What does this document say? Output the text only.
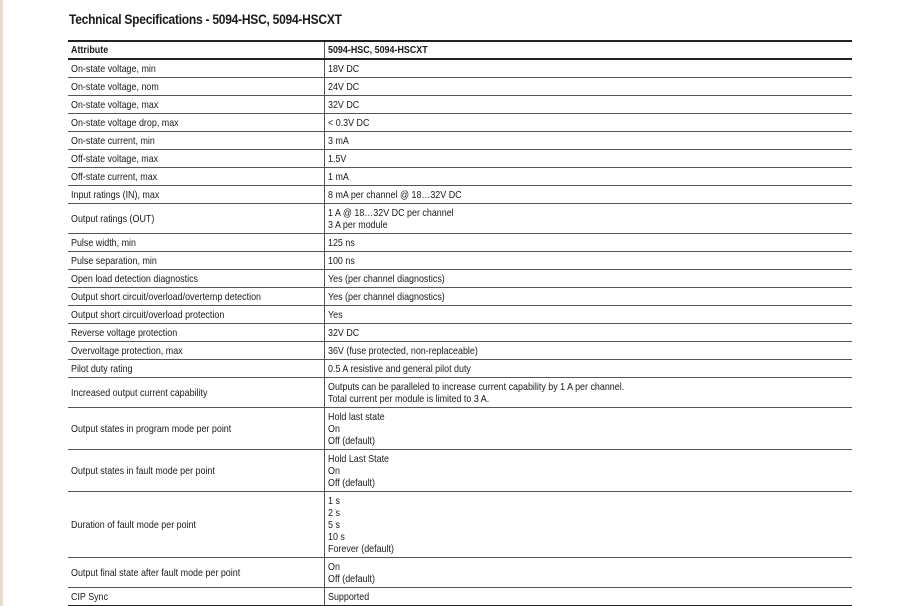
Technical Specifications - 5094-HSC, 5094-HSCXT
Attribute	5094-HSC, 5094-HSCXT
On-state voltage, min	18V DC

On-state voltage, nom	24V DC

On-state voltage, max	32V DC

On-state voltage drop, max	< 0.3V DC

On-state current, min	3 mA

Off-state voltage, max	1.5V

Off-state current, max	1 mA

Input ratings (IN), max	8 mA per channel @ 18…32V DC

Output ratings (OUT)	1 A @ 18…32V DC per channel
3 A per module

Pulse width, min	125 ns

Pulse separation, min	100 ns

Open load detection diagnostics	Yes (per channel diagnostics)

Output short circuit/overload/overtemp detection	Yes (per channel diagnostics)

Output short circuit/overload protection	Yes

Reverse voltage protection	32V DC

Overvoltage protection, max	36V (fuse protected, non-replaceable)

Pilot duty rating	0.5 A resistive and general pilot duty

Increased output current capability	Outputs can be paralleled to increase current capability by 1 A per channel.
Total current per module is limited to 3 A.

Output states in program mode per point	Hold last state
On
Off (default)

Output states in fault mode per point	Hold Last State
On
Off (default)

Duration of fault mode per point	1 s
2 s
5 s
10 s
Forever (default)

Output final state after fault mode per point	On
Off (default)

CIP Sync	Supported
